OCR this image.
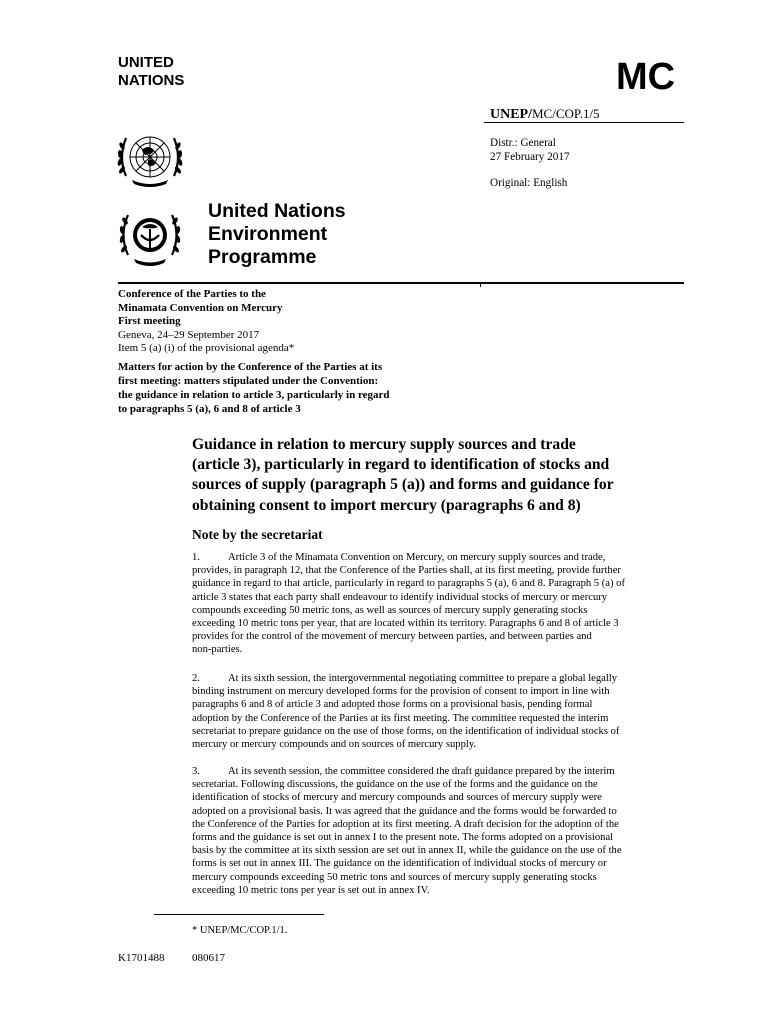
UNITED
NATIONS	MC
UNEP/MC/COP.1/5
Distr.: General
27 February 2017
Original: English
United Nations
Environment
Programme
Conference of the Parties to the
Minamata Convention on Mercury
First meeting
Geneva, 24–29 September 2017
Item 5 (a) (i) of the provisional agenda*
Matters for action by the Conference of the Parties at its
first meeting: matters stipulated under the Convention:
the guidance in relation to article 3, particularly in regard
to paragraphs 5 (a), 6 and 8 of article 3
Guidance in relation to mercury supply sources and trade
(article 3), particularly in regard to identification of stocks and
sources of supply (paragraph 5 (a)) and forms and guidance for
obtaining consent to import mercury (paragraphs 6 and 8)
Note by the secretariat
1.	Article 3 of the Minamata Convention on Mercury, on mercury supply sources and trade,
provides, in paragraph 12, that the Conference of the Parties shall, at its first meeting, provide further
guidance in regard to that article, particularly in regard to paragraphs 5 (a), 6 and 8. Paragraph 5 (a) of
article 3 states that each party shall endeavour to identify individual stocks of mercury or mercury
compounds exceeding 50 metric tons, as well as sources of mercury supply generating stocks
exceeding 10 metric tons per year, that are located within its territory. Paragraphs 6 and 8 of article 3
provides for the control of the movement of mercury between parties, and between parties and
non-parties.
2.	At its sixth session, the intergovernmental negotiating committee to prepare a global legally
binding instrument on mercury developed forms for the provision of consent to import in line with
paragraphs 6 and 8 of article 3 and adopted those forms on a provisional basis, pending formal
adoption by the Conference of the Parties at its first meeting. The committee requested the interim
secretariat to prepare guidance on the use of those forms, on the identification of individual stocks of
mercury or mercury compounds and on sources of mercury supply.
3.	At its seventh session, the committee considered the draft guidance prepared by the interim
secretariat. Following discussions, the guidance on the use of the forms and the guidance on the
identification of stocks of mercury and mercury compounds and sources of mercury supply were
adopted on a provisional basis. It was agreed that the guidance and the forms would be forwarded to
the Conference of the Parties for adoption at its first meeting. A draft decision for the adoption of the
forms and the guidance is set out in annex I to the present note. The forms adopted on a provisional
basis by the committee at its sixth session are set out in annex II, while the guidance on the use of the
forms is set out in annex III. The guidance on the identification of individual stocks of mercury or
mercury compounds exceeding 50 metric tons and sources of mercury supply generating stocks
exceeding 10 metric tons per year is set out in annex IV.
* UNEP/MC/COP.1/1.
K1701488	080617
